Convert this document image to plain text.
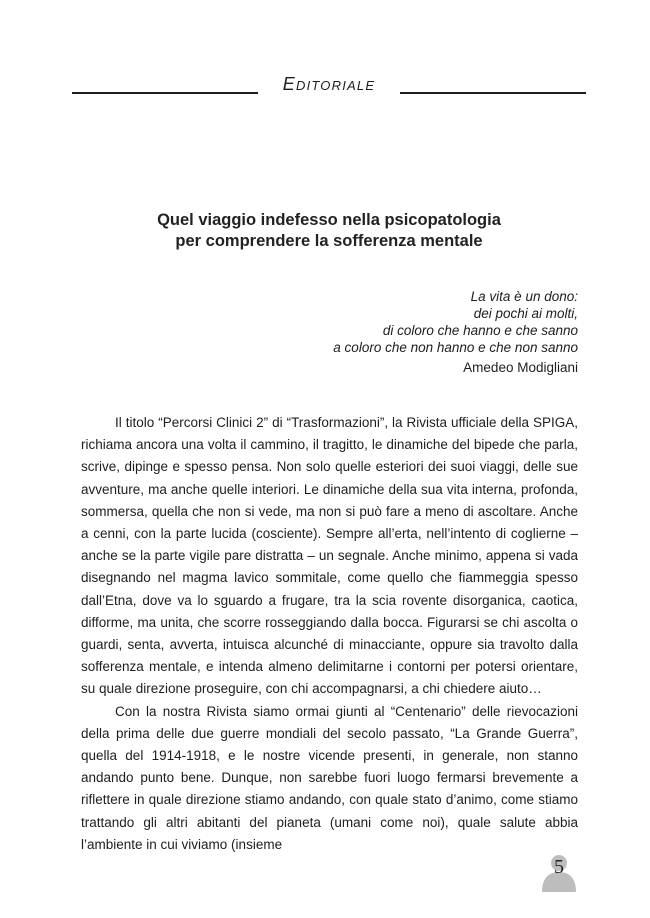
Editoriale
Quel viaggio indefesso nella psicopatologia
per comprendere la sofferenza mentale
La vita è un dono:
dei pochi ai molti,
di coloro che hanno e che sanno
a coloro che non hanno e che non sanno
Amedeo Modigliani

Il titolo “Percorsi Clinici 2” di “Trasformazioni”, la Rivista ufficiale della SPIGA, richiama ancora una volta il cammino, il tragitto, le dinamiche del bipede che parla, scrive, dipinge e spesso pensa. Non solo quelle esteriori dei suoi viaggi, delle sue avventure, ma anche quelle interiori. Le dinamiche della sua vita interna, profonda, sommersa, quella che non si vede, ma non si può fare a meno di ascoltare. Anche a cenni, con la parte lucida (cosciente). Sempre all’erta, nell’intento di coglierne – anche se la parte vigile pare distratta – un segnale. Anche minimo, appena si vada disegnando nel magma lavico sommitale, come quello che fiammeggia spesso dall’Etna, dove va lo sguardo a frugare, tra la scia rovente disorganica, caotica, difforme, ma unita, che scorre rosseggiando dalla bocca. Figurarsi se chi ascolta o guardi, senta, avverta, intuisca alcunché di minacciante, oppure sia travolto dalla sofferenza mentale, e intenda almeno delimitarne i contorni per potersi orientare, su quale direzione proseguire, con chi accompagnarsi, a chi chiedere aiuto…

Con la nostra Rivista siamo ormai giunti al “Centenario” delle rievocazioni della prima delle due guerre mondiali del secolo passato, “La Grande Guerra”, quella del 1914-1918, e le nostre vicende presenti, in generale, non stanno andando punto bene. Dunque, non sarebbe fuori luogo fermarsi brevemente a riflettere in quale direzione stiamo andando, con quale stato d’animo, come stiamo trattando gli altri abitanti del pianeta (umani come noi), quale salute abbia l’ambiente in cui viviamo (insieme

5
